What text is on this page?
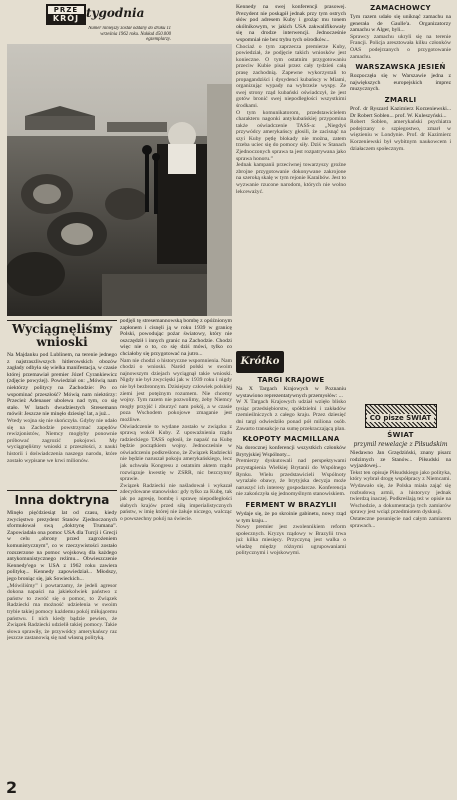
PRZE
KRÓJ tygodnia

Numer niniejszy został oddany do druku 11 września 1962 roku. Nakład 450.000 egzemplarzy.

Wyciągnęliśmy wnioski

Na Majdanku pod Lublinem, na terenie jednego z najstraszliwszych hitlerowskich obozów zagłady odbyła się wielka manifestacja, w czasie której przemawiał premier Józef Cyrankiewicz (zdjęcie powyżej). Powiedział on: „Mówią nam niektórzy politycy na Zachodzie: Po co wspominać przeszłość? Mówią nam niektórzy: Przecież Adenauer ubolewa nad tym, co się stało. W latach dwudziestych Stresemann mówił: Jeszcze nie minęło dziesięć lat, a już...

Wtedy wojna się nie skończyła. Gdyby nie udało się na Zachodzie powstrzymać zapędów rewizjonistów, Niemcy mogłyby ponownie próbować zagrozić pokojowi. My wyciągnęliśmy wnioski z przeszłości, z nauki historii i doświadczenia naszego narodu, które zostało wypisane we krwi milionów.

Inna doktryna

Minęło pięćdziesiąt lat od czasu, kiedy zwycięstwo prezydent Stanów Zjednoczonych sformułował swą „doktrynę Trumana”. Zapowiadała ona pomoc USA dla Turcji i Grecji w celu „obrony przed zagrożeniem komunistycznym”, co w rzeczywistości zostało rozszerzone na pomoc wojskową dla każdego antykomunistycznego reżimu... Obwieszczenie Kennedy'ego w USA z 1962 roku zawiera politykę... Kennedy zapowiedział... Młodszy, jego broniąc się, jak Sowieckich...

„Mówiliśmy” i powtarzamy, że jedeli agresor dokona napaści na jakiekolwiek państwo z państw to zwróć się o pomoc, to Związek Radziecki ma możność udzielenia w swoim trybie takiej pomocy każdemu pokój miłującemu państwu. I nich kiedy bądzie pewien, że Związek Radziecki udzielił takiej pomocy. Takie słowa sprawiły, że przywódcy amerykańscy raz jeszcze zastanowią się nad własną polityką.

podjęli tę stresemannowską bombę z opóźnionym zapłonem i cisnęli ją w roku 1939 w granicę Polski, powodując pożar światowy, który nie oszczędził i innych granic na Zachodzie. Chodzi więc nie o to, co się dziś mówi, tylko co chciałoby się przygotować na jutro...

Nam nie chodzi o historyczne wspomnienia. Nam chodzi o wnioski. Naród polski w swoim najnowszym dziejach wyciągnął takie wnioski. Nigdy nie był zwycięski jak w 1939 roku i nigdy nie był bezbronnym. Dzisiejszy człowiek polskiej ziemi jest potężnym rozumem. Nie chcemy wojny. Tym razem nie pozwolimy, żeby Niemcy mogły przyjść i zburzyć nam pokój, a w czasie poza Wschodem pokojowe zmaganie jest możliwe.

Oświadczenie to wydane zostało w związku z sprawą wokół Kuby. Z upoważnienia rządu radzieckiego TASS ogłosił, że napaść na Kubę będzie początkiem wojny. Jednocześnie w oświadczeniu podkreślono, że Związek Radziecki nie będzie naruszał pokoju amerykańskiego, lecz jak uchwała Kongresu z ostatnim aktem rządu rozwiązuje kwestię w ZSRR, nic bezczynny sprawie.

Związek Radziecki nie naśladował i wykazał zdecydowane stanowisko: gdy tylko za Kubę, tak jak po agresję, bombę i sprawę niepodległości słabych krajów przed siłą imperialistycznych państw, w imię której nie żałuje niczego, walcząc o powszechny pokój na świecie.

Kennedy na swej konferencji prasowej. Prezydent nie poskąpił jednak przy tym ostrych słów pod adresem Kuby i grożąc mu tonem okólnikowym, w jakich USA zakwalifikowały się na drodze interwencji. Jednocześnie wspomniał nie bez trybu tych ośrodków...

Chociaż o tym zaprzecza premierze Kuby, powiedział, że podjęcie takich wniosków jest konieczne. O tym ostatnim przygotowaniu przeciw Kubie pisał przez cały tydzień całą prasę zachodnią. Zapewne wykorzystali to propagandziści i dysydenci kubańscy w Miami, organizując wypady na wybrzeże wyspy. Ze swej strony rząd kubański oświadczył, że jest gotów bronić swej niepodległości wszystkimi środkami.

O tym komunikatorom, przedstawicielem charakteru nagonki antykubańskiej przypomina także oświadczenie TASS-a: „Niegdyś przywódcy amerykańscy głosili, że zacisnąć na szyi Kuby pętlę blokady nie można, zatem trzeba uciec się do pomocy siły. Dziś w Stanach Zjednoczonych sprawa ta jest rozpatrywana jako sprawa honoru.”

Jednak kampanii przeciwnej towarzyszy groźne zbrojne przygotowanie dokonywane zakrojone na szeroką skalę w tym rejonie Karaibów. Jest to wyzwanie rzucone narodom, których nie wolno lekceważyć.

Krótko
TARGI KRAJOWE

Na X Targach Krajowych w Poznaniu wystawiono reprezentatywnych przemysłów: ...

W X Targach Krajowych udział wzięło blisko tysiąc przedsiębiorstw, spółdzielni i zakładów rzemieślniczych z całego kraju. Przez dziesięć dni targi odwiedziło ponad pół miliona osób. Zawarto transakcje na sumę przekraczającą plan.

KŁOPOTY MACMILLANA

Na dorocznej konferencji wszystkich członków Brytyjskiej Wspólnoty...

Premierzy dyskutowali nad perspektywami przystąpienia Wielkiej Brytanii do Wspólnego Rynku. Wielu przedstawicieli Wspólnoty wyrażało obawy, że brytyjska decyzja może naruszyć ich interesy gospodarcze. Konferencja nie zakończyła się jednomyślnym stanowiskiem.

FERMENT W BRAZYLII

Wydaje się, że po skroinie gabinetu, nowy rząd w tym kraju...

Nowy premier jest zwolennikiem reform społecznych. Kryzys rządowy w Brazylii trwa już kilka miesięcy. Przyczyną jest walka o władzę między różnymi ugrupowaniami politycznymi i wojskowymi.

ZAMACHOWCY

Tym razem udało się uniknąć zamachu na generała de Gaulle'a. Organizatorzy zamachu w Alger, byli...

Sprawcy zamachu ukryli się na terenie Francji. Policja aresztowała kilku członków OAS podejrzanych o przygotowanie zamachu.

WARSZAWSKA JESIEŃ

Rozpoczęła się w Warszawie jedna z największych europejskich imprez muzycznych.

ZMARLI

Prof. dr Ryszard Kazimierz Korzeniewski... Dr Robert Soblen... prof. W. Kuleszyński...

Robert Soblen, amerykański psychiatra podejrzany o szpiegostwo, zmarł w więzieniu w Londynie. Prof. dr Kazimierz Korzeniewski był wybitnym naukowcem i działaczem społecznym.

CO pisze ŚWIAT
ŚWIAT
przymil rewelacje z Piłsudskim

Niedawno Jan Grzędziński, znany pisarz rodzimych ze Stanów... Piłsudski na wyjazdowej...

Tekst ten opisuje Piłsudskiego jako polityka, który wybrał drogę współpracy z Niemcami. Wydawało się, że Polska miała zająć się rozbudową armii, a historycy jednak twierdzą inaczej. Podkreślają też w opisie na Wschodzie, a dokumentacja tych zamiarów sprawy jest wciąż przedmiotem dyskusji.

Ostateczne posunięcie nad całym zamiarem sprawach...

2
